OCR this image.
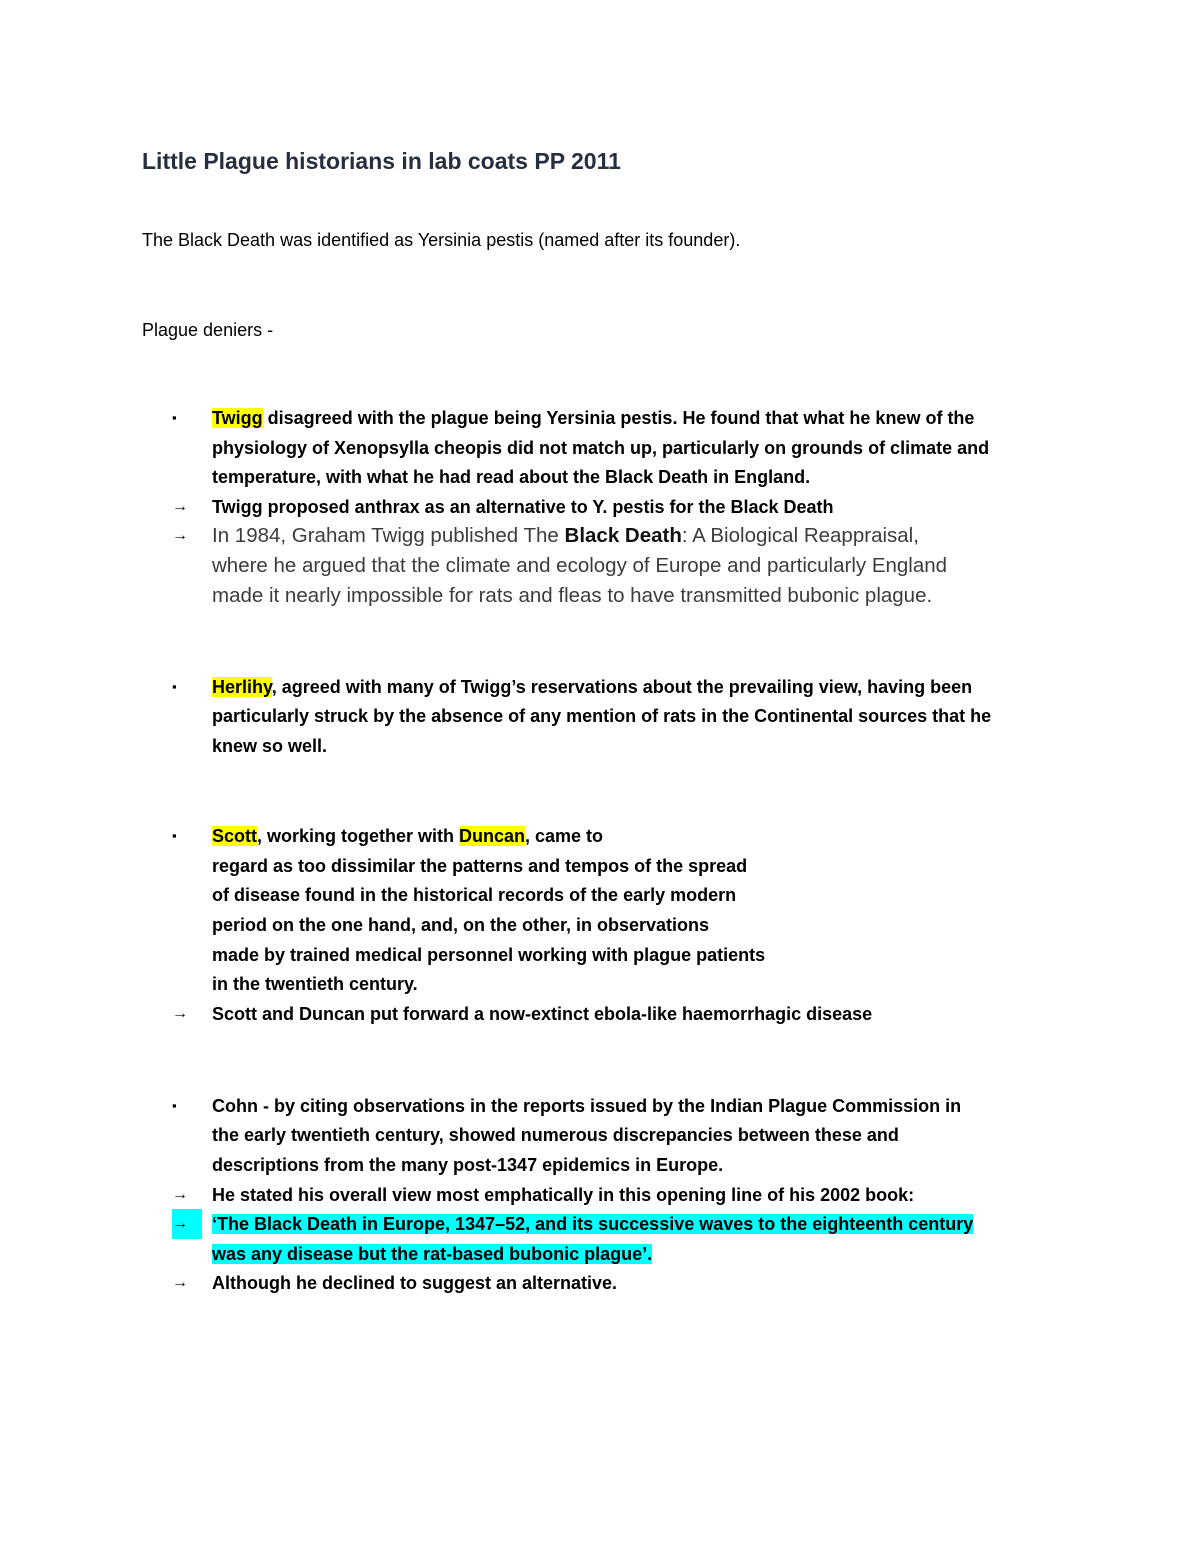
Little Plague historians in lab coats PP 2011

The Black Death was identified as Yersinia pestis (named after its founder).

Plague deniers -

▪	Twigg disagreed with the plague being Yersinia pestis. He found that what he knew of the
physiology of Xenopsylla cheopis did not match up, particularly on grounds of climate and
temperature, with what he had read about the Black Death in England.
→	Twigg proposed anthrax as an alternative to Y. pestis for the Black Death
→	In 1984, Graham Twigg published The Black Death: A Biological Reappraisal,
where he argued that the climate and ecology of Europe and particularly England
made it nearly impossible for rats and fleas to have transmitted bubonic plague.
▪	Herlihy, agreed with many of Twigg’s reservations about the prevailing view, having been
particularly struck by the absence of any mention of rats in the Continental sources that he
knew so well.
▪	Scott, working together with Duncan, came to
regard as too dissimilar the patterns and tempos of the spread
of disease found in the historical records of the early modern
period on the one hand, and, on the other, in observations
made by trained medical personnel working with plague patients
in the twentieth century.
→	Scott and Duncan put forward a now-extinct ebola-like haemorrhagic disease
▪	Cohn - by citing observations in the reports issued by the Indian Plague Commission in
the early twentieth century, showed numerous discrepancies between these and
descriptions from the many post-1347 epidemics in Europe.
→	He stated his overall view most emphatically in this opening line of his 2002 book:
→	‘The Black Death in Europe, 1347–52, and its successive waves to the eighteenth century
was any disease but the rat-based bubonic plague’.
→	Although he declined to suggest an alternative.
